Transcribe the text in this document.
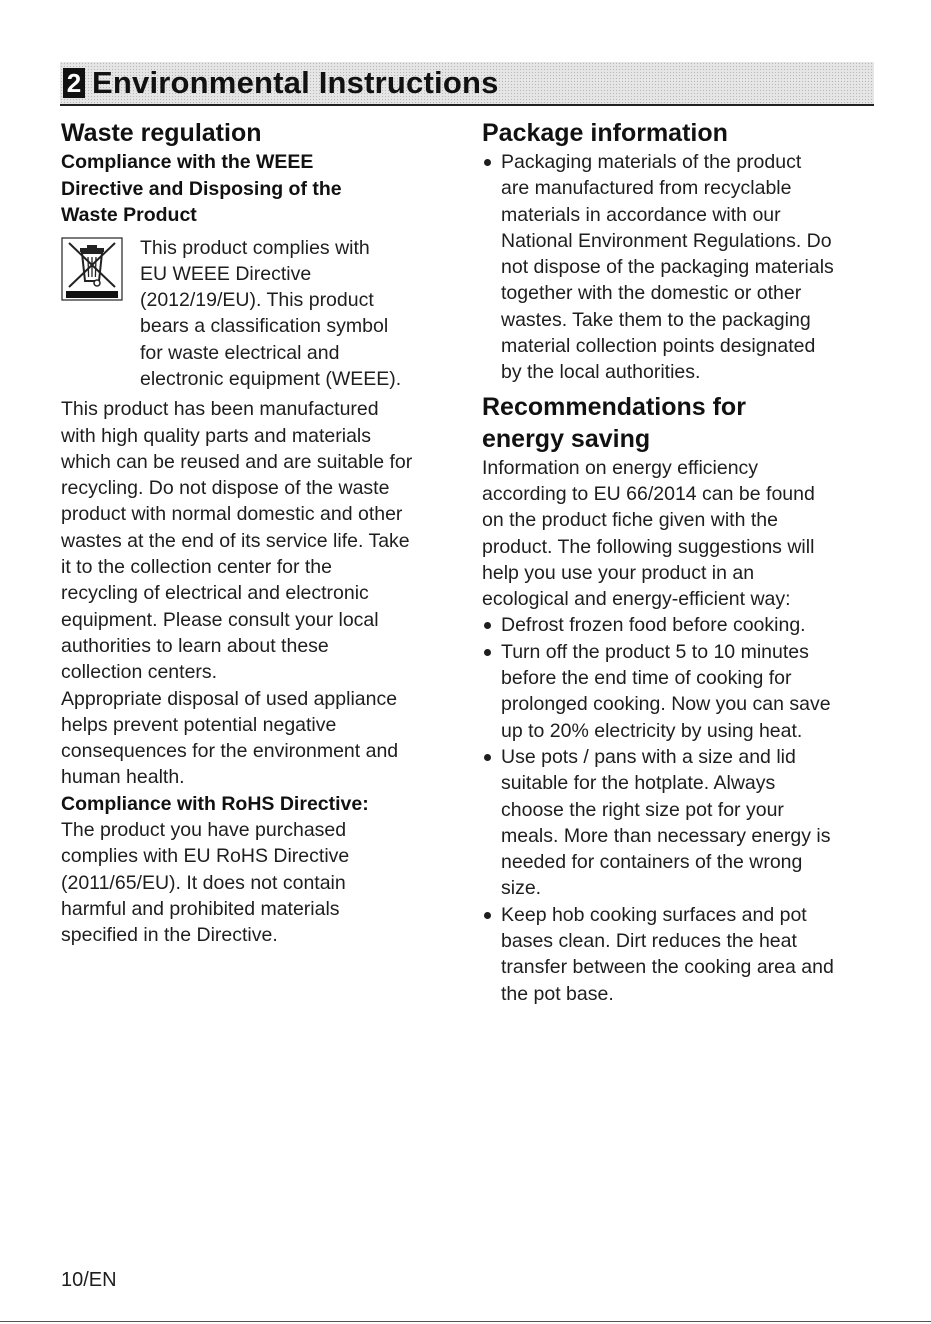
2 Environmental Instructions
Waste regulation
Compliance with the WEEE
Directive and Disposing of the
Waste Product
This product complies with
EU WEEE Directive
(2012/19/EU). This product
bears a classification symbol
for waste electrical and
electronic equipment (WEEE).
This product has been manufactured
with high quality parts and materials
which can be reused and are suitable for
recycling. Do not dispose of the waste
product with normal domestic and other
wastes at the end of its service life. Take
it to the collection center for the
recycling of electrical and electronic
equipment. Please consult your local
authorities to learn about these
collection centers.
Appropriate disposal of used appliance
helps prevent potential negative
consequences for the environment and
human health.
Compliance with RoHS Directive:
The product you have purchased
complies with EU RoHS Directive
(2011/65/EU). It does not contain
harmful and prohibited materials
specified in the Directive.
Package information
Packaging materials of the product
are manufactured from recyclable
materials in accordance with our
National Environment Regulations. Do
not dispose of the packaging materials
together with the domestic or other
wastes. Take them to the packaging
material collection points designated
by the local authorities.
Recommendations for
energy saving
Information on energy efficiency
according to EU 66/2014 can be found
on the product fiche given with the
product. The following suggestions will
help you use your product in an
ecological and energy-efficient way:
Defrost frozen food before cooking.
Turn off the product 5 to 10 minutes
before the end time of cooking for
prolonged cooking. Now you can save
up to 20% electricity by using heat.
Use pots / pans with a size and lid
suitable for the hotplate. Always
choose the right size pot for your
meals. More than necessary energy is
needed for containers of the wrong
size.
Keep hob cooking surfaces and pot
bases clean. Dirt reduces the heat
transfer between the cooking area and
the pot base.
10/EN
